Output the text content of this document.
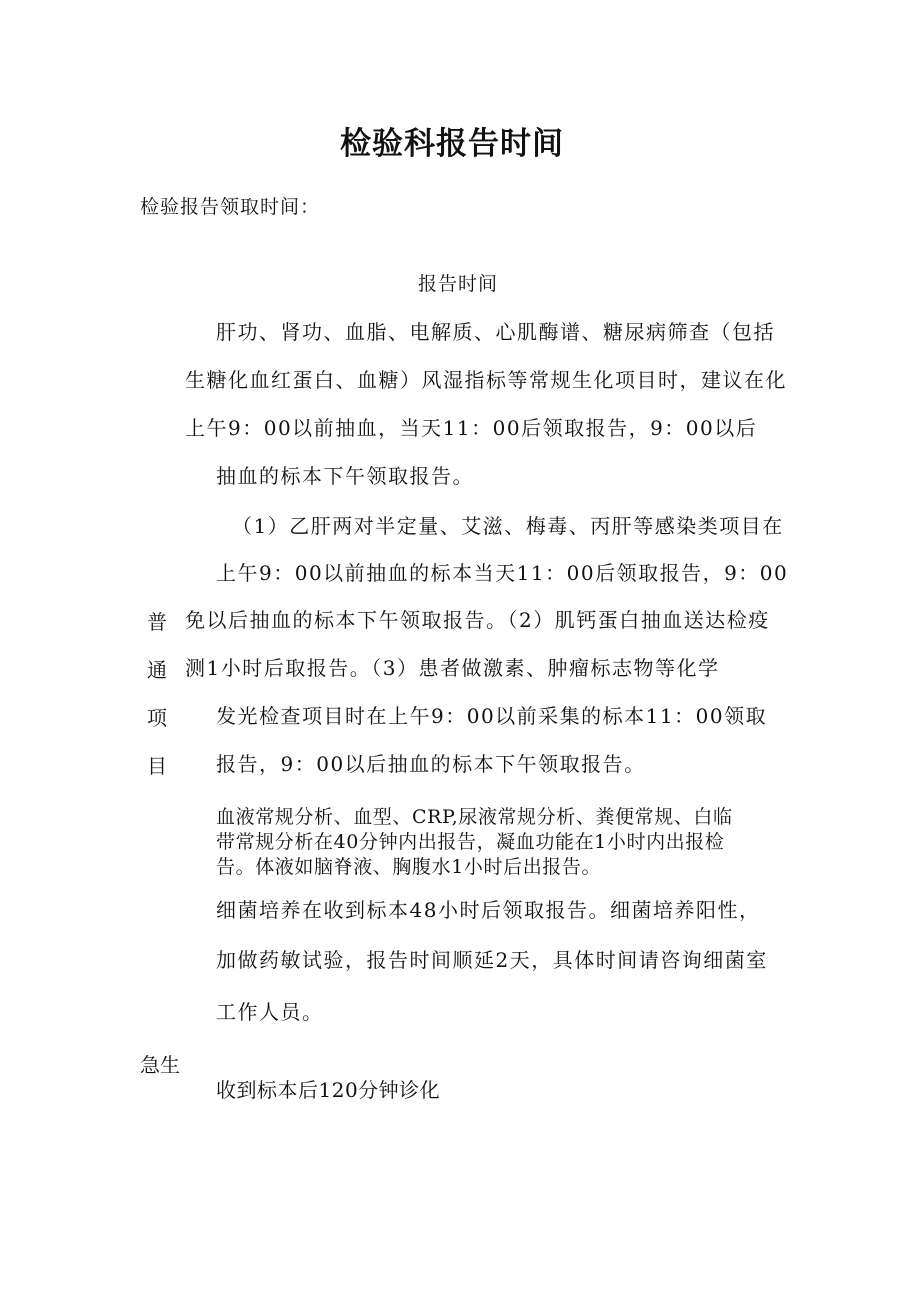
检验科报告时间

检验报告领取时间：

报告时间

肝功、肾功、血脂、电解质、心肌酶谱、糖尿病筛查（包括

生糖化血红蛋白、血糖）风湿指标等常规生化项目时，建议在化

上午9：00以前抽血，当天11：00后领取报告，9：00以后

抽血的标本下午领取报告。

（1）乙肝两对半定量、艾滋、梅毒、丙肝等感染类项目在

上午9：00以前抽血的标本当天11：00后领取报告，9：00

免以后抽血的标本下午领取报告。（2）肌钙蛋白抽血送达检疫

测1小时后取报告。（3）患者做激素、肿瘤标志物等化学

发光检查项目时在上午9：00以前采集的标本11：00领取

报告，9：00以后抽血的标本下午领取报告。

普
通
项
目

血液常规分析、血型、CRP,尿液常规分析、粪便常规、白临

带常规分析在40分钟内出报告，凝血功能在1小时内出报检

告。体液如脑脊液、胸腹水1小时后出报告。

细菌培养在收到标本48小时后领取报告。细菌培养阳性，

加做药敏试验，报告时间顺延2天，具体时间请咨询细菌室

工作人员。

急生

收到标本后120分钟诊化
